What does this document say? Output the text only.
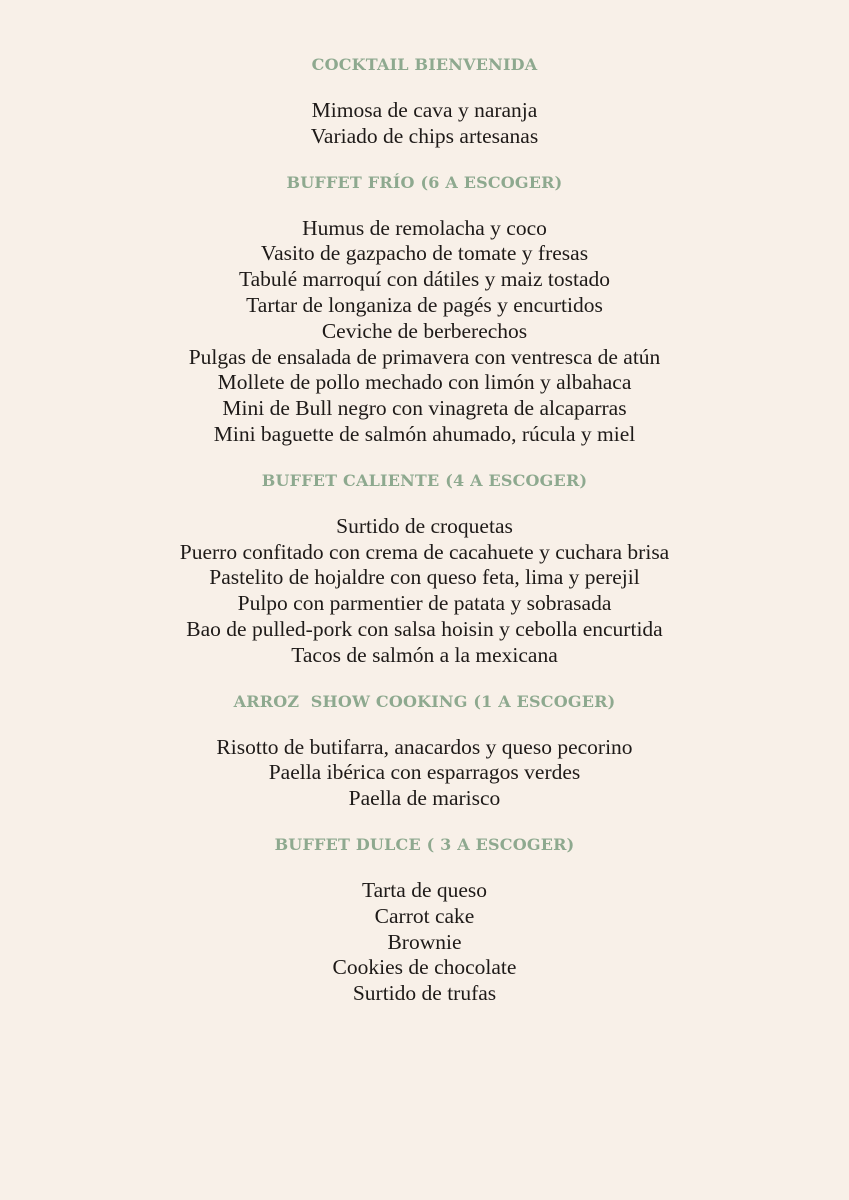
COCKTAIL BIENVENIDA
Mimosa de cava y naranja
Variado de chips artesanas
BUFFET FRÍO (6 A ESCOGER)
Humus de remolacha y coco
Vasito de gazpacho de tomate y fresas
Tabulé marroquí con dátiles y maiz tostado
Tartar de longaniza de pagés y encurtidos
Ceviche de berberechos
Pulgas de ensalada de primavera con ventresca de atún
Mollete de pollo mechado con limón y albahaca
Mini de Bull negro con vinagreta de alcaparras
Mini baguette de salmón ahumado, rúcula y miel
BUFFET CALIENTE (4 A ESCOGER)
Surtido de croquetas
Puerro confitado con crema de cacahuete y cuchara brisa
Pastelito de hojaldre con queso feta, lima y perejil
Pulpo con parmentier de patata y sobrasada
Bao de pulled-pork con salsa hoisin y cebolla encurtida
Tacos de salmón a la mexicana
ARROZ  SHOW COOKING (1 A ESCOGER)
Risotto de butifarra, anacardos y queso pecorino
Paella ibérica con esparragos verdes
Paella de marisco
BUFFET DULCE ( 3 A ESCOGER)
Tarta de queso
Carrot cake
Brownie
Cookies de chocolate
Surtido de trufas
